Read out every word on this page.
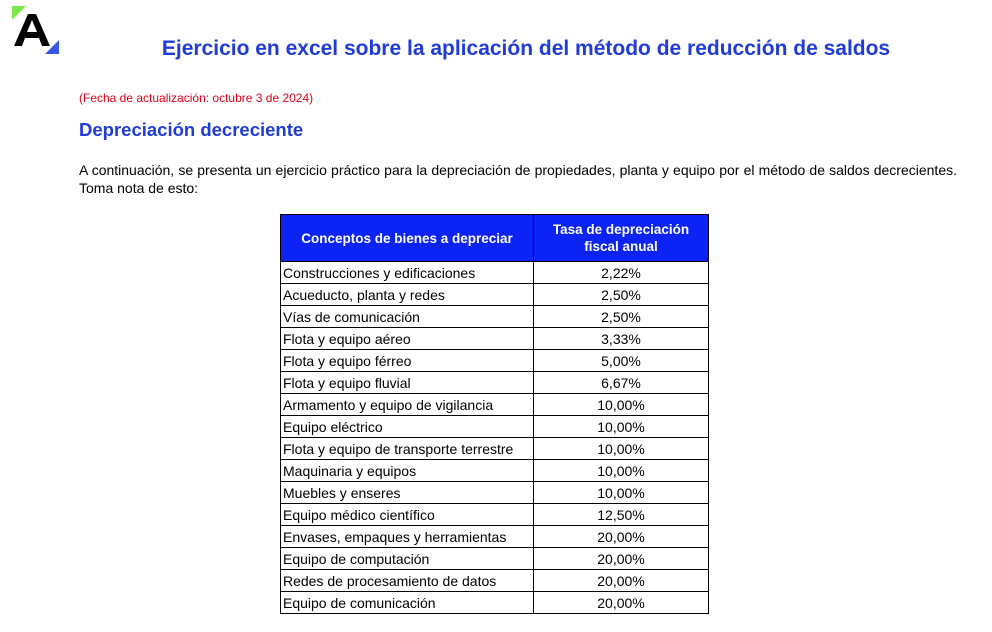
Ejercicio en excel sobre la aplicación del método de reducción de saldos
(Fecha de actualización: octubre 3 de 2024)
Depreciación decreciente
A continuación, se presenta un ejercicio práctico para la depreciación de propiedades, planta y equipo por el método de saldos decrecientes. Toma nota de esto:
Conceptos de bienes a depreciar	Tasa de depreciación
fiscal anual
Construcciones y edificaciones	2,22%
Acueducto, planta y redes	2,50%
Vías de comunicación	2,50%
Flota y equipo aéreo	3,33%
Flota y equipo férreo	5,00%
Flota y equipo fluvial	6,67%
Armamento y equipo de vigilancia	10,00%
Equipo eléctrico	10,00%
Flota y equipo de transporte terrestre	10,00%
Maquinaria y equipos	10,00%
Muebles y enseres	10,00%
Equipo médico científico	12,50%
Envases, empaques y herramientas	20,00%
Equipo de computación	20,00%
Redes de procesamiento de datos	20,00%
Equipo de comunicación	20,00%
